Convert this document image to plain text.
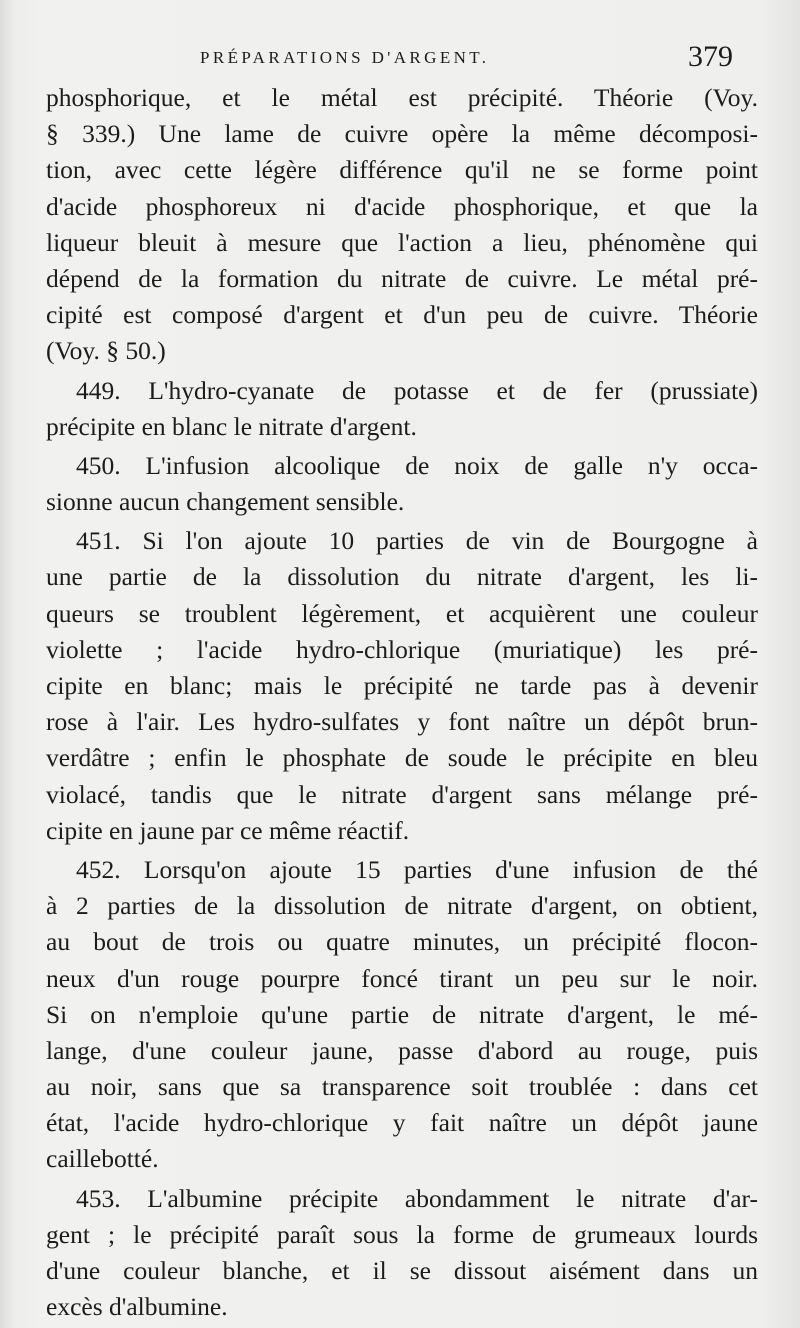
PRÉPARATIONS D'ARGENT.	379
phosphorique, et le métal est précipité. Théorie (Voy.
§ 339.) Une lame de cuivre opère la même décomposi-
tion, avec cette légère différence qu'il ne se forme point
d'acide phosphoreux ni d'acide phosphorique, et que la
liqueur bleuit à mesure que l'action a lieu, phénomène qui
dépend de la formation du nitrate de cuivre. Le métal pré-
cipité est composé d'argent et d'un peu de cuivre. Théorie
(Voy. § 50.)
449. L'hydro-cyanate de potasse et de fer (prussiate)
précipite en blanc le nitrate d'argent.
450. L'infusion alcoolique de noix de galle n'y occa-
sionne aucun changement sensible.
451. Si l'on ajoute 10 parties de vin de Bourgogne à
une partie de la dissolution du nitrate d'argent, les li-
queurs se troublent légèrement, et acquièrent une couleur
violette ; l'acide hydro-chlorique (muriatique) les pré-
cipite en blanc; mais le précipité ne tarde pas à devenir
rose à l'air. Les hydro-sulfates y font naître un dépôt brun-
verdâtre ; enfin le phosphate de soude le précipite en bleu
violacé, tandis que le nitrate d'argent sans mélange pré-
cipite en jaune par ce même réactif.
452. Lorsqu'on ajoute 15 parties d'une infusion de thé
à 2 parties de la dissolution de nitrate d'argent, on obtient,
au bout de trois ou quatre minutes, un précipité flocon-
neux d'un rouge pourpre foncé tirant un peu sur le noir.
Si on n'emploie qu'une partie de nitrate d'argent, le mé-
lange, d'une couleur jaune, passe d'abord au rouge, puis
au noir, sans que sa transparence soit troublée : dans cet
état, l'acide hydro-chlorique y fait naître un dépôt jaune
caillebotté.
453. L'albumine précipite abondamment le nitrate d'ar-
gent ; le précipité paraît sous la forme de grumeaux lourds
d'une couleur blanche, et il se dissout aisément dans un
excès d'albumine.
